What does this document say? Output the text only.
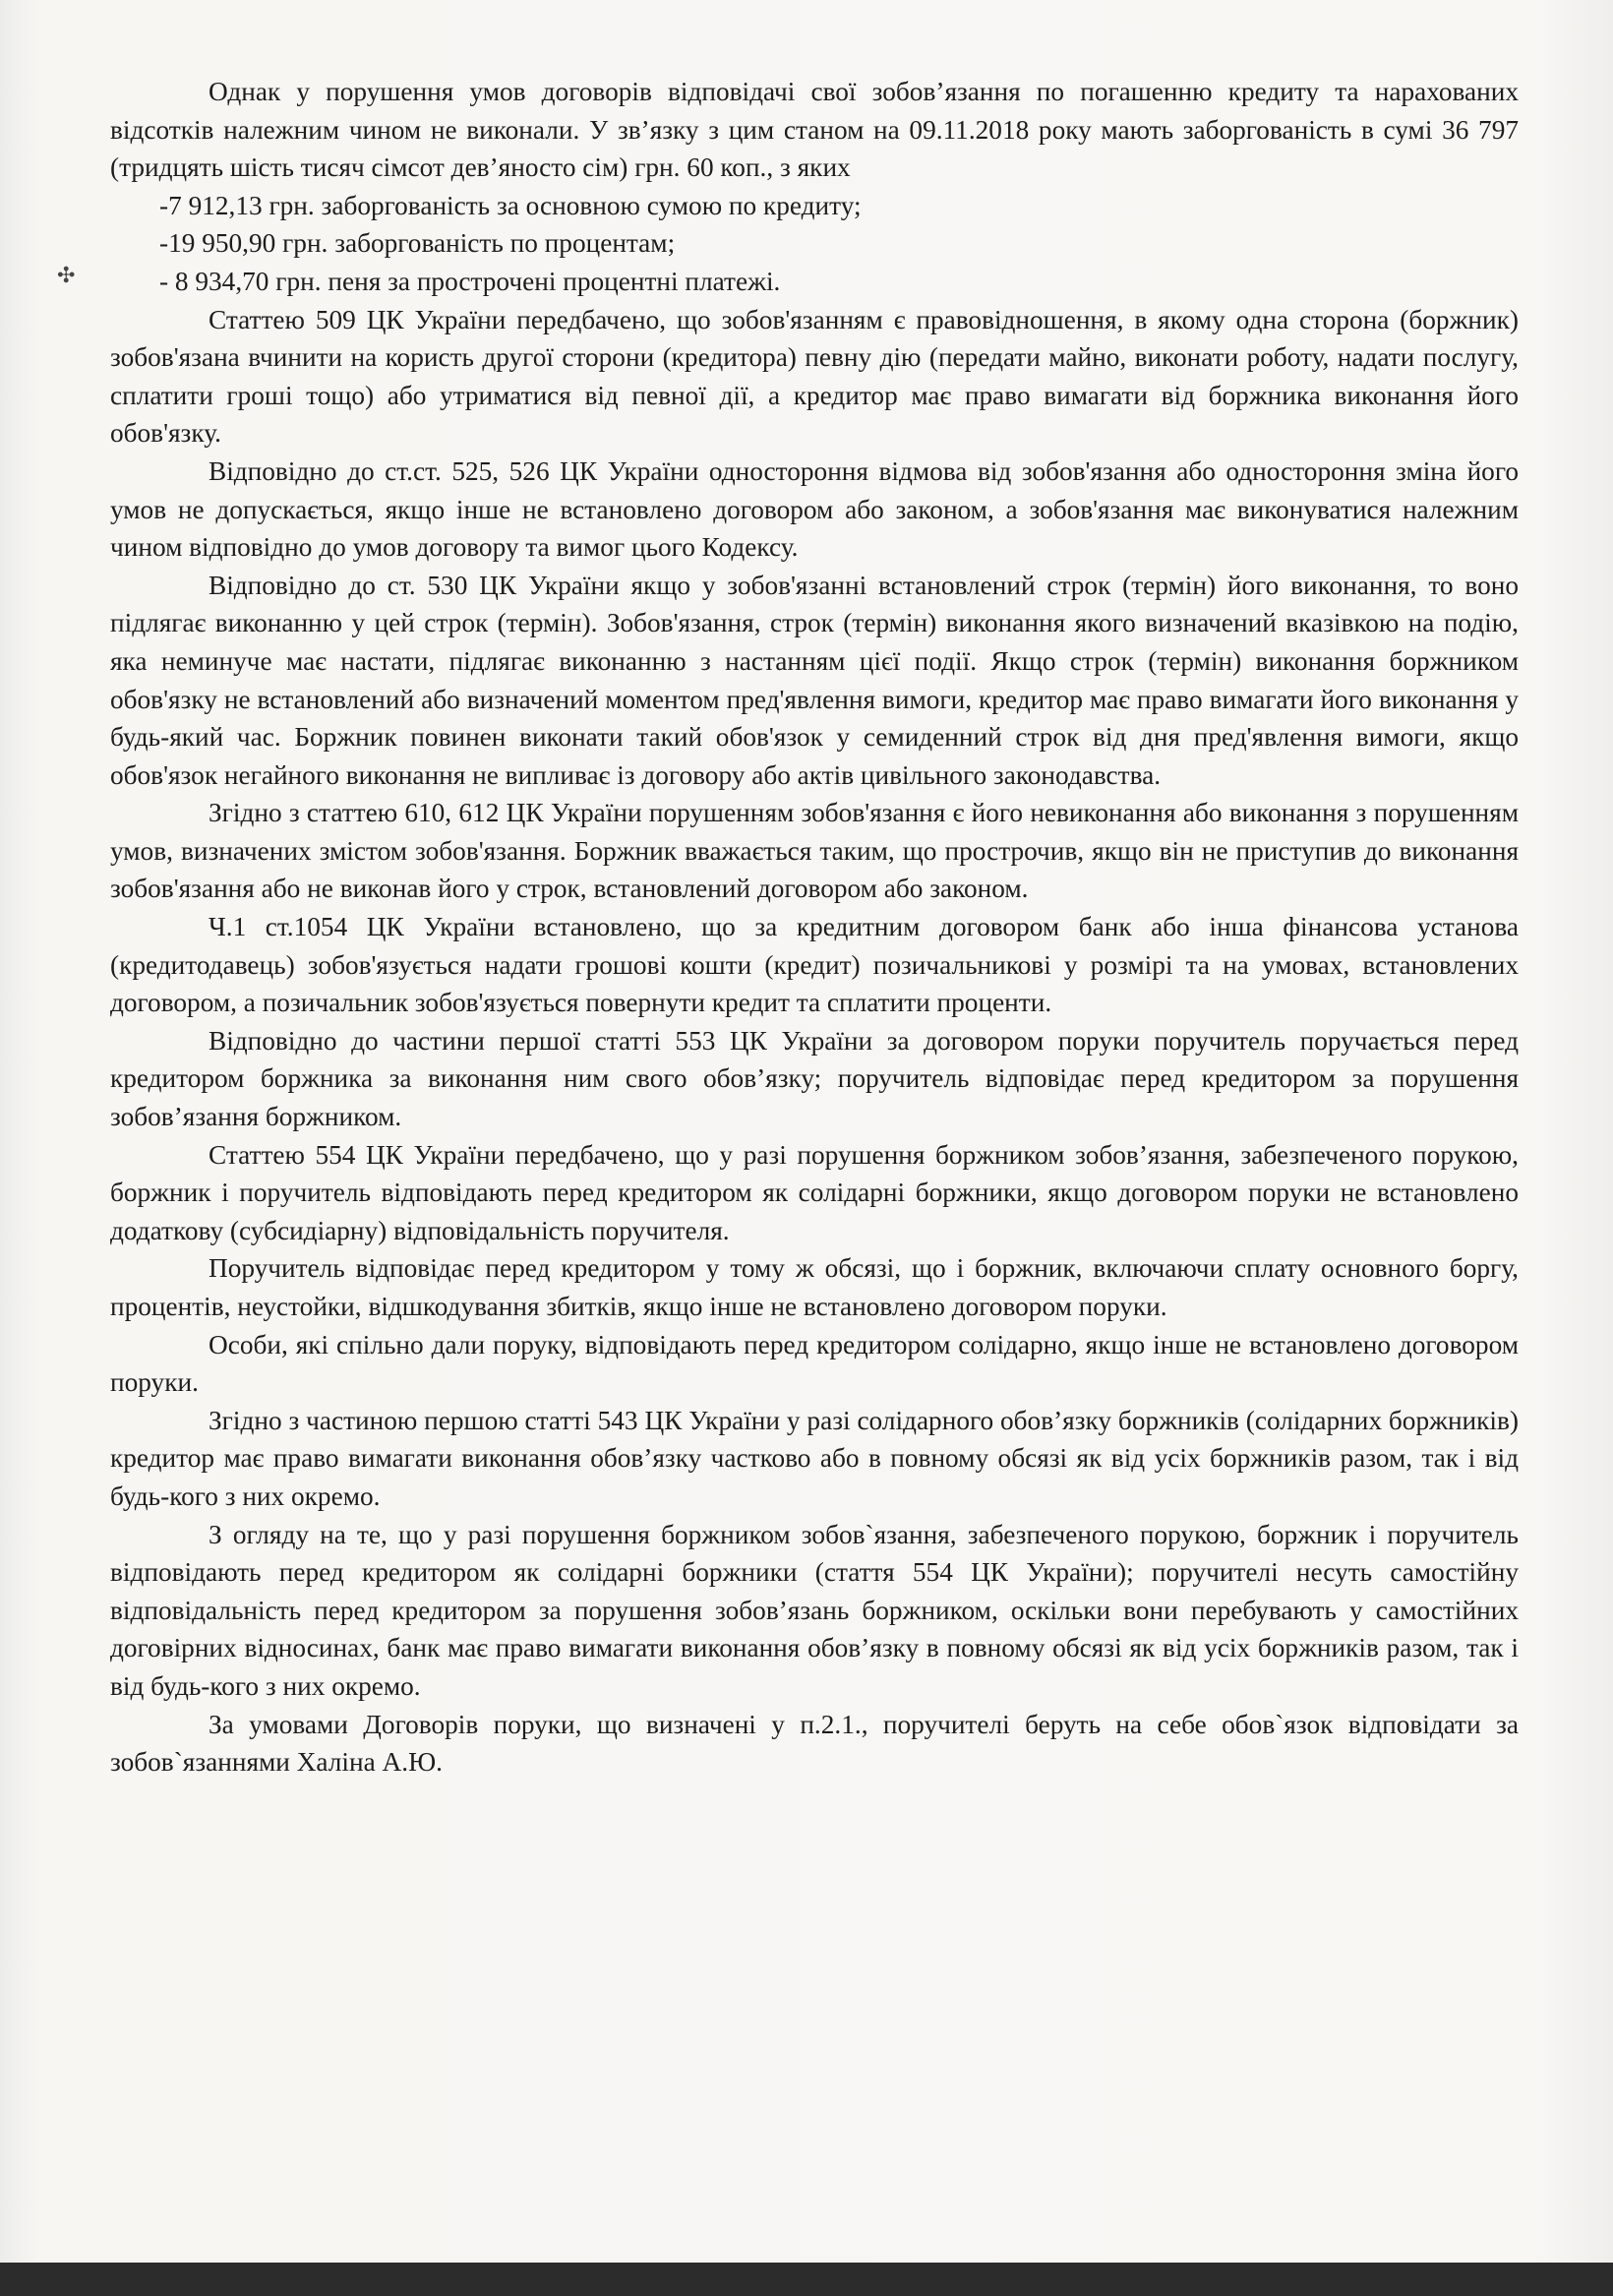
✣

Однак у порушення умов договорів відповідачі свої зобов’язання по погашенню кредиту та нарахованих відсотків належним чином не виконали. У зв’язку з цим станом на 09.11.2018 року мають заборгованість в сумі 36 797 (тридцять шість тисяч сімсот дев’яносто сім) грн. 60 коп., з яких

-7 912,13 грн. заборгованість за основною сумою по кредиту;

-19 950,90 грн. заборгованість по процентам;

- 8 934,70 грн. пеня за прострочені процентні платежі.

Статтею 509 ЦК України передбачено, що зобов'язанням є правовідношення, в якому одна сторона (боржник) зобов'язана вчинити на користь другої сторони (кредитора) певну дію (передати майно, виконати роботу, надати послугу, сплатити гроші тощо) або утриматися від певної дії, а кредитор має право вимагати від боржника виконання його обов'язку.

Відповідно до ст.ст. 525, 526 ЦК України одностороння відмова від зобов'язання або одностороння зміна його умов не допускається, якщо інше не встановлено договором або законом, а зобов'язання має виконуватися належним чином відповідно до умов договору та вимог цього Кодексу.

Відповідно до ст. 530 ЦК України якщо у зобов'язанні встановлений строк (термін) його виконання, то воно підлягає виконанню у цей строк (термін). Зобов'язання, строк (термін) виконання якого визначений вказівкою на подію, яка неминуче має настати, підлягає виконанню з настанням цієї події. Якщо строк (термін) виконання боржником обов'язку не встановлений або визначений моментом пред'явлення вимоги, кредитор має право вимагати його виконання у будь-який час. Боржник повинен виконати такий обов'язок у семиденний строк від дня пред'явлення вимоги, якщо обов'язок негайного виконання не випливає із договору або актів цивільного законодавства.

Згідно з статтею 610, 612 ЦК України порушенням зобов'язання є його невиконання або виконання з порушенням умов, визначених змістом зобов'язання. Боржник вважається таким, що прострочив, якщо він не приступив до виконання зобов'язання або не виконав його у строк, встановлений договором або законом.

Ч.1 ст.1054 ЦК України встановлено, що за кредитним договором банк або інша фінансова установа (кредитодавець) зобов'язується надати грошові кошти (кредит) позичальникові у розмірі та на умовах, встановлених договором, а позичальник зобов'язується повернути кредит та сплатити проценти.

Відповідно до частини першої статті 553 ЦК України за договором поруки поручитель поручається перед кредитором боржника за виконання ним свого обов’язку; поручитель відповідає перед кредитором за порушення зобов’язання боржником.

Статтею 554 ЦК України передбачено, що у разі порушення боржником зобов’язання, забезпеченого порукою, боржник і поручитель відповідають перед кредитором як солідарні боржники, якщо договором поруки не встановлено додаткову (субсидіарну) відповідальність поручителя.

Поручитель відповідає перед кредитором у тому ж обсязі, що і боржник, включаючи сплату основного боргу, процентів, неустойки, відшкодування збитків, якщо інше не встановлено договором поруки.

Особи, які спільно дали поруку, відповідають перед кредитором солідарно, якщо інше не встановлено договором поруки.

Згідно з частиною першою статті 543 ЦК України у разі солідарного обов’язку боржників (солідарних боржників) кредитор має право вимагати виконання обов’язку частково або в повному обсязі як від усіх боржників разом, так і від будь-кого з них окремо.

З огляду на те, що у разі порушення боржником зобов`язання, забезпеченого порукою, боржник і поручитель відповідають перед кредитором як солідарні боржники (стаття 554 ЦК України); поручителі несуть самостійну відповідальність перед кредитором за порушення зобов’язань боржником, оскільки вони перебувають у самостійних договірних відносинах, банк має право вимагати виконання обов’язку в повному обсязі як від усіх боржників разом, так і від будь-кого з них окремо.

За умовами Договорів поруки, що визначені у п.2.1., поручителі беруть на себе обов`язок відповідати за зобов`язаннями Халіна А.Ю.
